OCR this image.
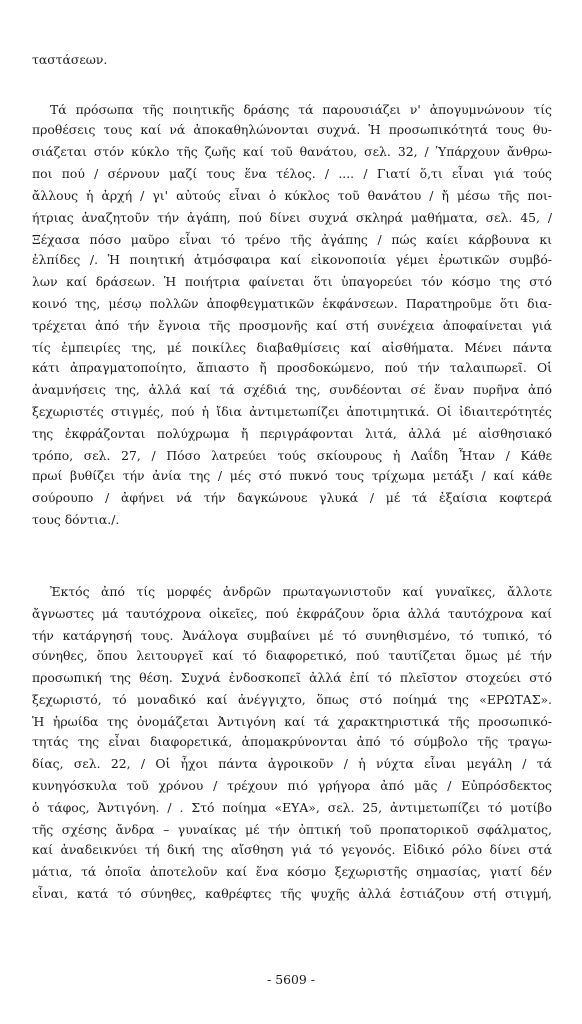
ταστάσεων.
Τά πρόσωπα τῆς ποιητικῆς δράσης τά παρουσιάζει ν' ἀπογυμνώνουν τίς
προθέσεις τους καί νά ἀποκαθηλώνονται συχνά. Ἡ προσωπικότητά τους θυ-
σιάζεται στόν κύκλο τῆς ζωῆς καί τοῦ θανάτου, σελ. 32, / Ὑπάρχουν ἄνθρω-
ποι πού / σέρνουν μαζί τους ἕνα τέλος. / .... / Γιατί ὅ,τι εἶναι γιά τούς
ἄλλους ἡ ἀρχή / γι' αὐτούς εἶναι ὁ κύκλος τοῦ θανάτου / ἤ μέσω τῆς ποι-
ήτριας ἀναζητοῦν τήν ἀγάπη, πού δίνει συχνά σκληρά μαθήματα, σελ. 45, /
Ξέχασα πόσο μαῦρο εἶναι τό τρένο τῆς ἀγάπης / πώς καίει κάρβουνα κι
ἐλπίδες /. Ἡ ποιητική ἀτμόσφαιρα καί εἰκονοποιία γέμει ἐρωτικῶν συμβό-
λων καί δράσεων. Ἡ ποιήτρια φαίνεται ὅτι ὑπαγορεύει τόν κόσμο της στό
κοινό της, μέσῳ πολλῶν ἀποφθεγματικῶν ἐκφάνσεων. Παρατηροῦμε ὅτι δια-
τρέχεται ἀπό τήν ἔγνοια τῆς προσμονῆς καί στή συνέχεια ἀποφαίνεται γιά
τίς ἐμπειρίες της, μέ ποικίλες διαβαθμίσεις καί αἰσθήματα. Μένει πάντα
κάτι ἀπραγματοποίητο, ἄπιαστο ἤ προσδοκώμενο, πού τήν ταλαιπωρεῖ. Οἱ
ἀναμνήσεις της, ἀλλά καί τά σχέδιά της, συνδέονται σέ ἕναν πυρῆνα ἀπό
ξεχωριστές στιγμές, πού ἡ ἴδια ἀντιμετωπίζει ἀποτιμητικά. Οἱ ἰδιαιτερότητές
της ἐκφράζονται πολύχρωμα ἤ περιγράφονται λιτά, ἀλλά μέ αἰσθησιακό
τρόπο, σελ. 27, / Πόσο λατρεύει τούς σκίουρους ἡ Λαΐδη Ἦταν / Κάθε
πρωί βυθίζει τήν ἀνία της / μές στό πυκνό τους τρίχωμα μετάξι / καί κάθε
σούρουπο / ἀφήνει νά τήν δαγκώνουε γλυκά / μέ τά ἐξαίσια κοφτερά
τους δόντια./.
Ἐκτός ἀπό τίς μορφές ἀνδρῶν πρωταγωνιστοῦν καί γυναῖκες, ἄλλοτε
ἄγνωστες μά ταυτόχρονα οἰκεῖες, πού ἐκφράζουν ὅρια ἀλλά ταυτόχρονα καί
τήν κατάργησή τους. Ἀνάλογα συμβαίνει μέ τό συνηθισμένο, τό τυπικό, τό
σύνηθες, ὅπου λειτουργεῖ καί τό διαφορετικό, πού ταυτίζεται ὅμως μέ τήν
προσωπική της θέση. Συχνά ἐνδοσκοπεῖ ἀλλά ἐπί τό πλεῖστον στοχεύει στό
ξεχωριστό, τό μοναδικό καί ἀνέγγιχτο, ὅπως στό ποίημά της «ΕΡΩΤΑΣ».
Ἡ ἡρωίδα της ὀνομάζεται Ἀντιγόνη καί τά χαρακτηριστικά τῆς προσωπικό-
τητάς της εἶναι διαφορετικά, ἀπομακρύνονται ἀπό τό σύμβολο τῆς τραγω-
δίας, σελ. 22, / Οἱ ἦχοι πάντα ἀγροικοῦν / ἡ νύχτα εἶναι μεγάλη / τά
κυνηγόσκυλα τοῦ χρόνου / τρέχουν πιό γρήγορα ἀπό μᾶς / Εὐπρόσδεκτος
ὁ τάφος, Ἀντιγόνη. / . Στό ποίημα «ΕΥΑ», σελ. 25, ἀντιμετωπίζει τό μοτίβο
τῆς σχέσης ἄνδρα – γυναίκας μέ τήν ὀπτική τοῦ προπατορικοῦ σφάλματος,
καί ἀναδεικνύει τή δική της αἴσθηση γιά τό γεγονός. Εἰδικό ρόλο δίνει στά
μάτια, τά ὁποῖα ἀποτελοῦν καί ἕνα κόσμο ξεχωριστῆς σημασίας, γιατί δέν
εἶναι, κατά τό σύνηθες, καθρέφτες τῆς ψυχῆς ἀλλά ἑστιάζουν στή στιγμή,
- 5609 -
